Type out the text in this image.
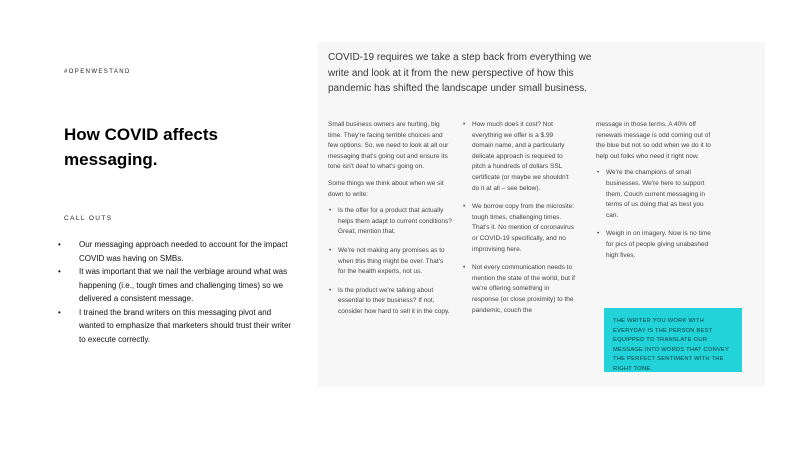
#OPENWESTAND
How COVID affects messaging.
CALL OUTS
• Our messaging approach needed to account for the impact COVID was having on SMBs.
• It was important that we nail the verbiage around what was happening (i.e., tough times and challenging times) so we delivered a consistent message.
• I trained the brand writers on this messaging pivot and wanted to emphasize that marketers should trust their writer to execute correctly.
COVID-19 requires we take a step back from everything we write and look at it from the new perspective of how this pandemic has shifted the landscape under small business.

Small business owners are hurting, big time. They're facing terrible choices and few options. So, we need to look at all our messaging that's going out and ensure its tone isn't deaf to what's going on.

Some things we think about when we sit down to write:

• Is the offer for a product that actually helps them adapt to current conditions? Great, mention that.
• We're not making any promises as to when this thing might be over. That's for the health experts, not us.
• Is the product we're talking about essential to their business? If not, consider how hard to sell it in the copy.
• How much does it cost? Not everything we offer is a $.99 domain name, and a particularly delicate approach is required to pitch a hundreds of dollars SSL certificate (or maybe we shouldn't do it at all – see below).
• We borrow copy from the microsite: tough times, challenging times. That's it. No mention of coronavirus or COVID-19 specifically, and no improvising here.
• Not every communication needs to mention the state of the world, but if we're offering something in response (or close proximity) to the pandemic, couch the

message in those terms. A 40% off renewals message is odd coming out of the blue but not so odd when we do it to help out folks who need it right now.

• We're the champions of small businesses. We're here to support them. Couch current messaging in terms of us doing that as best you can.
• Weigh in on imagery. Now is no time for pics of people giving unabashed high fives.
THE WRITER YOU WORK WITH EVERYDAY IS THE PERSON BEST EQUIPPED TO TRANSLATE OUR MESSAGE INTO WORDS THAT CONVEY THE PERFECT SENTIMENT WITH THE RIGHT TONE.
